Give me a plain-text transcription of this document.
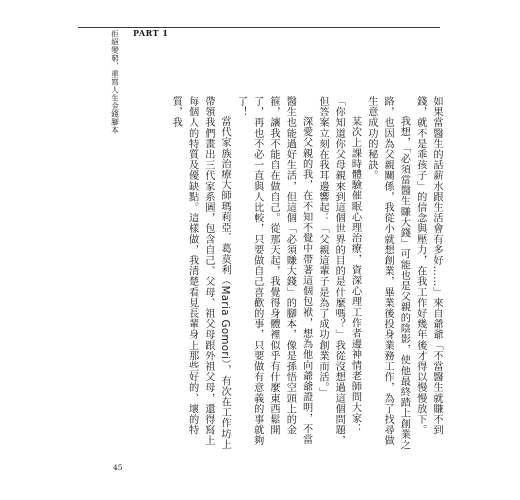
PART 1
拒絕變窮，重寫人生金錢腳本

如果當醫生的話薪水跟生活會有多好……」來自爺爺「不當醫生就賺不到錢，就不是乖孩子」的信念與壓力，在我工作好幾年後才得以慢慢放下。

我想，「必須當醫生賺大錢」可能也是父親的陰影，使他最終踏上創業之路，也因為父親關係，我從小就想創業，畢業後投身業務工作，為了找尋做生意成功的秘訣。

某次上課時體驗催眠心理治療，資深心理工作者邊神情老師問大家：「你知道你父母親來到這個世界的目的是什麼嗎？」我從沒想過這個問題，但答案立刻在我耳邊響起：「父親這輩子是為了成功創業而活。」

深愛父親的我，在不知不覺中帶著這個包袱，想為他向爺爺證明，不當醫生也能過好生活，但這個「必須賺大錢」的腳本，像是孫悟空頭上的金箍，讓我不能自在做自己。從那天起，我覺得身體裡似乎有什麼東西鬆開了，再也不必一直與人比較，只要做自己喜歡的事，只要做有意義的事就夠了！

當代家族治療大師瑪莉亞．葛莫利（Maria Gomori），有次在工作坊上帶領我們畫出三代家系圖，包含自己、父母、祖父母跟外祖父母，還得寫上每個人的特質及優缺點。這樣做，我清楚看見長輩身上那些好的、壞的特質，我

45
